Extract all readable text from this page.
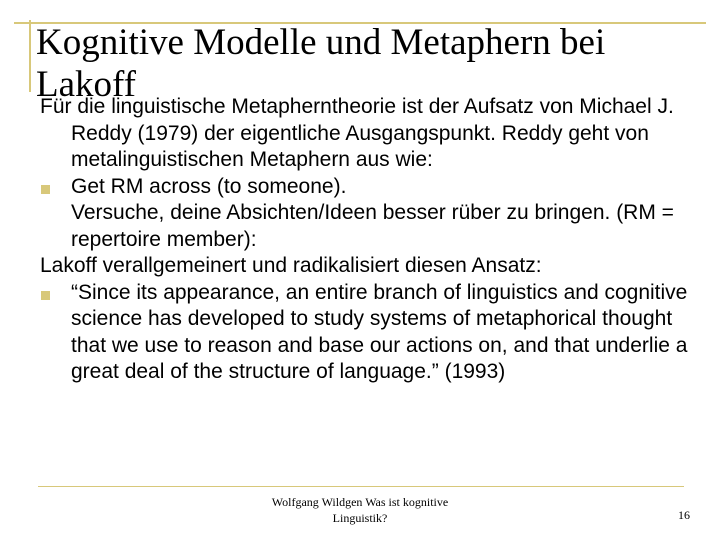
Kognitive Modelle und Metaphern bei Lakoff

Für die linguistische Metapherntheorie ist der Aufsatz von Michael J. Reddy (1979) der eigentliche Ausgangspunkt. Reddy geht von metalinguistischen Metaphern aus wie:

Get RM across (to someone).

Versuche, deine Absichten/Ideen besser rüber zu bringen. (RM = repertoire member):

Lakoff verallgemeinert und radikalisiert diesen Ansatz:

“Since its appearance, an entire branch of linguistics and cognitive science has developed to study systems of metaphorical thought that we use to reason and base our actions on, and that underlie a great deal of the structure of language.” (1993)
Wolfgang Wildgen Was ist kognitive Linguistik?	16
